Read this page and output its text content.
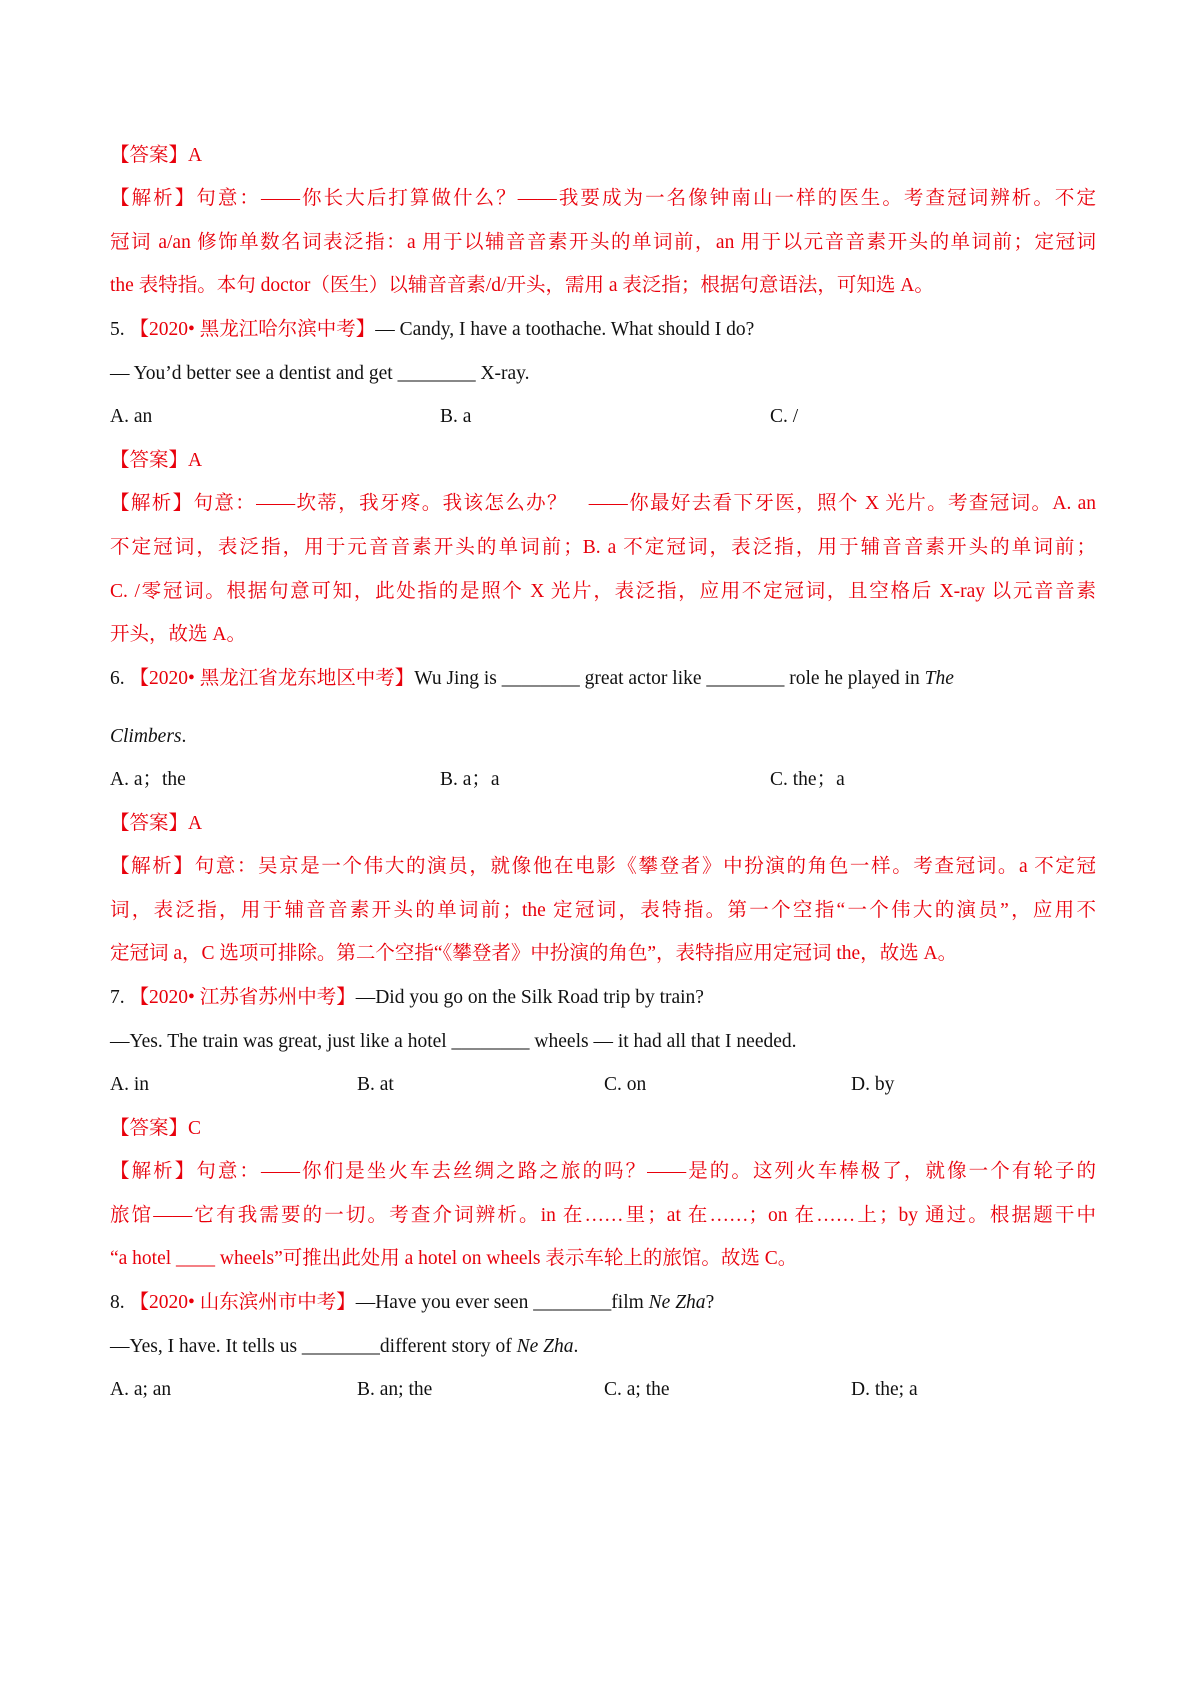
【答案】A
【解析】句意：——你长大后打算做什么？——我要成为一名像钟南山一样的医生。考查冠词辨析。不定
冠词 a/an 修饰单数名词表泛指：a 用于以辅音音素开头的单词前，an 用于以元音音素开头的单词前；定冠词
the 表特指。本句 doctor（医生）以辅音音素/d/开头，需用 a 表泛指；根据句意语法，可知选 A。
5. 【2020• 黑龙江哈尔滨中考】— Candy, I have a toothache. What should I do?
— You’d better see a dentist and get ________ X-ray.
A. an	B. a	C. /
【答案】A
【解析】句意：——坎蒂，我牙疼。我该怎么办？　——你最好去看下牙医，照个 X 光片。考查冠词。A. an
不定冠词，表泛指，用于元音音素开头的单词前；B. a 不定冠词，表泛指，用于辅音音素开头的单词前；
C. /零冠词。根据句意可知，此处指的是照个 X 光片，表泛指，应用不定冠词，且空格后 X-ray 以元音音素
开头，故选 A。
6. 【2020• 黑龙江省龙东地区中考】Wu Jing is ________ great actor like ________ role he played in The
Climbers.
A. a；the	B. a；a	C. the；a
【答案】A
【解析】句意：吴京是一个伟大的演员，就像他在电影《攀登者》中扮演的角色一样。考查冠词。a 不定冠
词，表泛指，用于辅音音素开头的单词前；the 定冠词，表特指。第一个空指“一个伟大的演员”，应用不
定冠词 a，C 选项可排除。第二个空指“《攀登者》中扮演的角色”，表特指应用定冠词 the，故选 A。
7. 【2020• 江苏省苏州中考】—Did you go on the Silk Road trip by train?
—Yes. The train was great, just like a hotel ________ wheels — it had all that I needed.
A. in	B. at	C. on	D. by
【答案】C
【解析】句意：——你们是坐火车去丝绸之路之旅的吗？——是的。这列火车棒极了，就像一个有轮子的
旅馆——它有我需要的一切。考查介词辨析。in 在……里；at 在……；on 在……上；by 通过。根据题干中
“a hotel ____ wheels”可推出此处用 a hotel on wheels 表示车轮上的旅馆。故选 C。
8. 【2020• 山东滨州市中考】—Have you ever seen ________film Ne Zha?
—Yes, I have. It tells us ________different story of Ne Zha.
A. a; an	B. an; the	C. a; the	D. the; a
